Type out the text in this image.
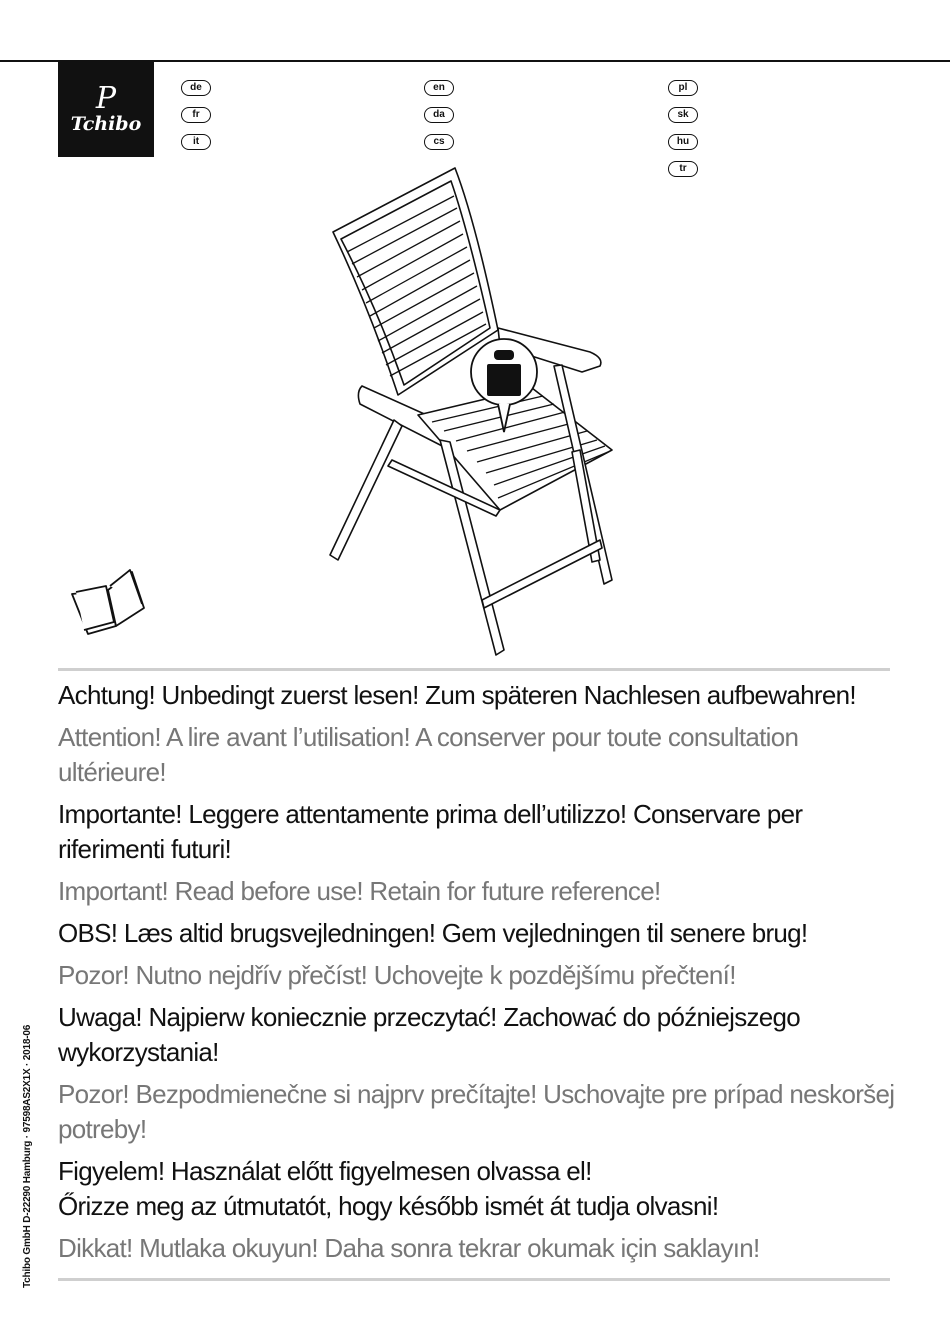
P
Tchibo
de
fr
it
en
da
cs
pl
sk
hu
tr

Achtung! Unbedingt zuerst lesen! Zum späteren Nachlesen aufbewahren!

Attention! A lire avant l’utilisation! A conserver pour toute consultation ultérieure!

Importante! Leggere attentamente prima dell’utilizzo! Conservare per riferimenti futuri!

Important! Read before use! Retain for future reference!

OBS! Læs altid brugsvejledningen! Gem vejledningen til senere brug!

Pozor! Nutno nejdřív přečíst! Uchovejte k pozdějšímu přečtení!

Uwaga! Najpierw koniecznie przeczytać! Zachować do późniejszego wykorzystania!

Pozor! Bezpodmienečne si najprv prečítajte! Uschovajte pre prípad neskoršej potreby!

Figyelem! Használat előtt figyelmesen olvassa el!
Őrizze meg az útmutatót, hogy később ismét át tudja olvasni!

Dikkat! Mutlaka okuyun! Daha sonra tekrar okumak için saklayın!

Tchibo GmbH D-22290 Hamburg · 97598AS2X1X · 2018-06
